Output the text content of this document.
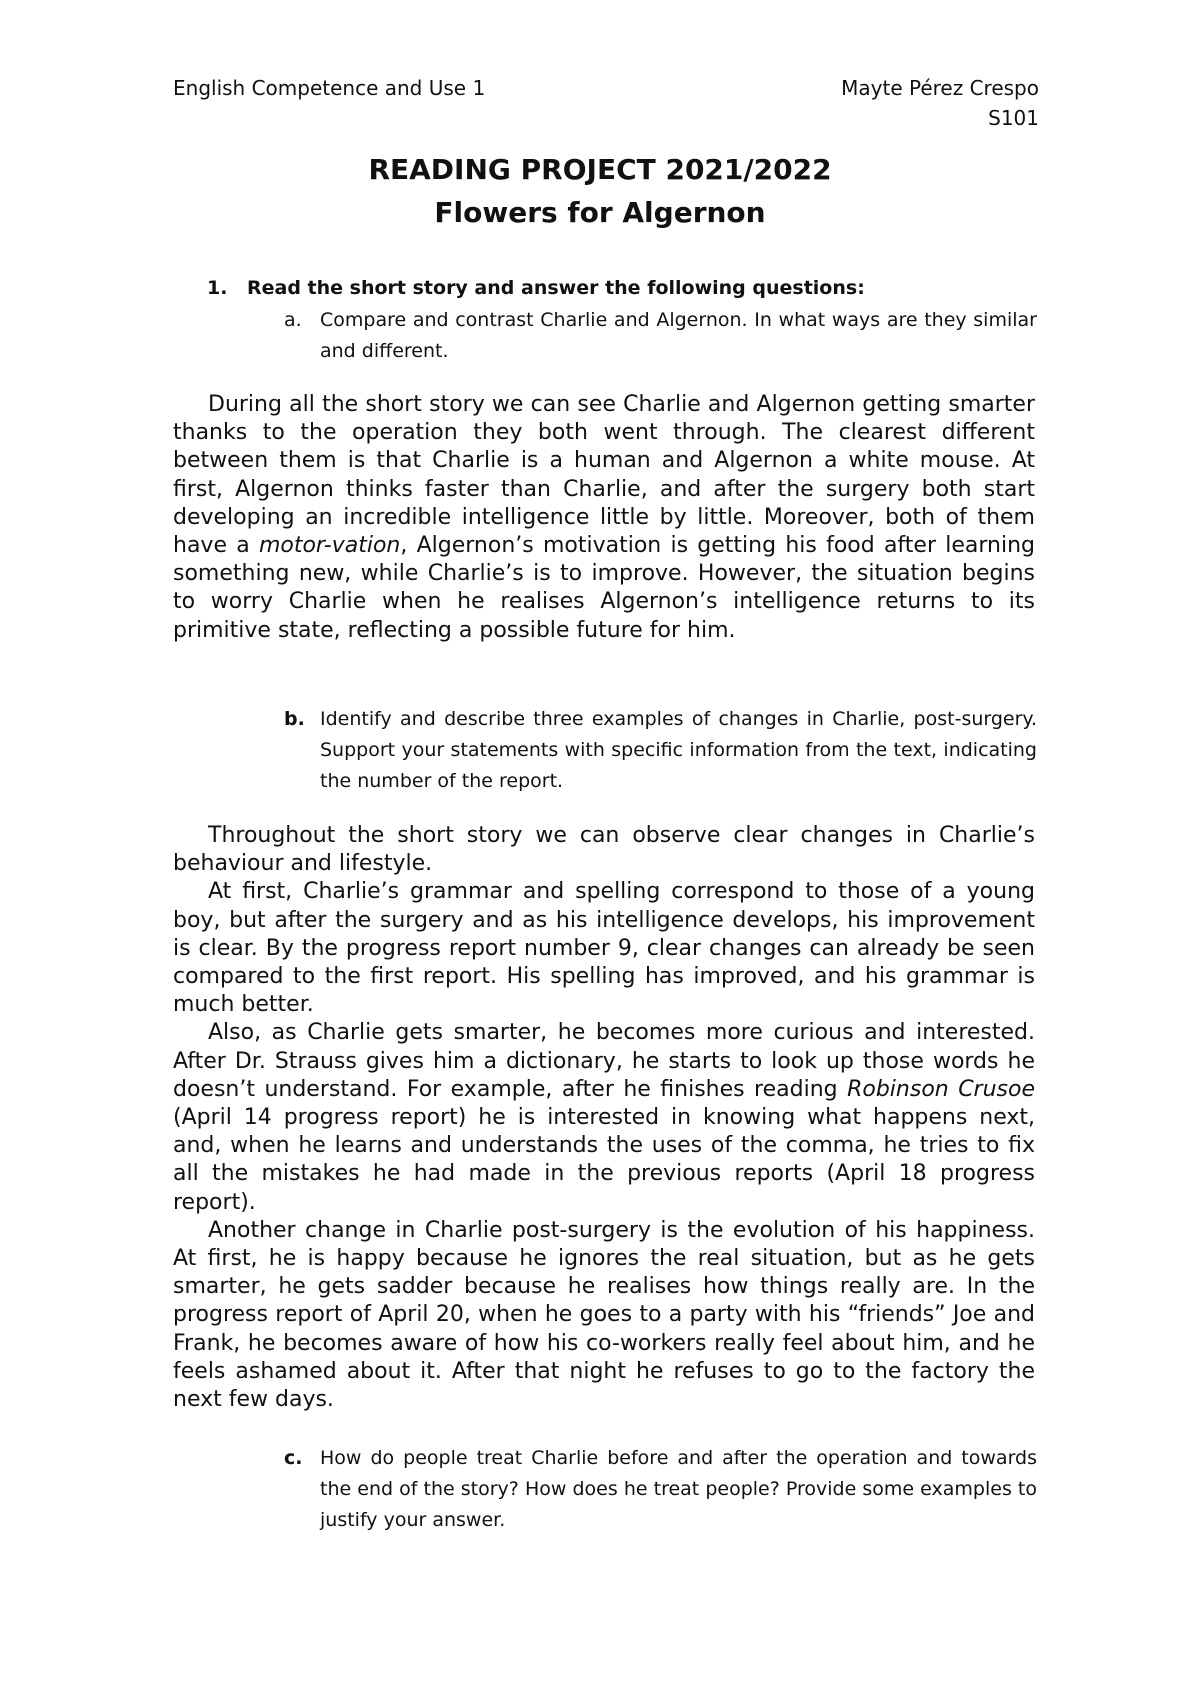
English Competence and Use 1	Mayte Pérez Crespo
S101
READING PROJECT 2021/2022
Flowers for Algernon
1. Read the short story and answer the following questions:
a. Compare and contrast Charlie and Algernon. In what ways are they similar and different.

During all the short story we can see Charlie and Algernon getting smarter thanks to the operation they both went through. The clearest different between them is that Charlie is a human and Algernon a white mouse. At first, Algernon thinks faster than Charlie, and after the surgery both start developing an incredible intelligence little by little. Moreover, both of them have a motor-vation, Algernon’s motivation is getting his food after learning something new, while Charlie’s is to improve. However, the situation begins to worry Charlie when he realises Algernon’s intelligence returns to its primitive state, reflecting a possible future for him.

b. Identify and describe three examples of changes in Charlie, post-surgery. Support your statements with specific information from the text, indicating the number of the report.

Throughout the short story we can observe clear changes in Charlie’s behaviour and lifestyle.

At first, Charlie’s grammar and spelling correspond to those of a young boy, but after the surgery and as his intelligence develops, his improvement is clear. By the progress report number 9, clear changes can already be seen compared to the first report. His spelling has improved, and his grammar is much better.

Also, as Charlie gets smarter, he becomes more curious and interested. After Dr. Strauss gives him a dictionary, he starts to look up those words he doesn’t understand. For example, after he finishes reading Robinson Crusoe (April 14 progress report) he is interested in knowing what happens next, and, when he learns and understands the uses of the comma, he tries to fix all the mistakes he had made in the previous reports (April 18 progress report).

Another change in Charlie post-surgery is the evolution of his happiness. At first, he is happy because he ignores the real situation, but as he gets smarter, he gets sadder because he realises how things really are. In the progress report of April 20, when he goes to a party with his “friends” Joe and Frank, he becomes aware of how his co-workers really feel about him, and he feels ashamed about it. After that night he refuses to go to the factory the next few days.

c. How do people treat Charlie before and after the operation and towards the end of the story? How does he treat people? Provide some examples to justify your answer.
